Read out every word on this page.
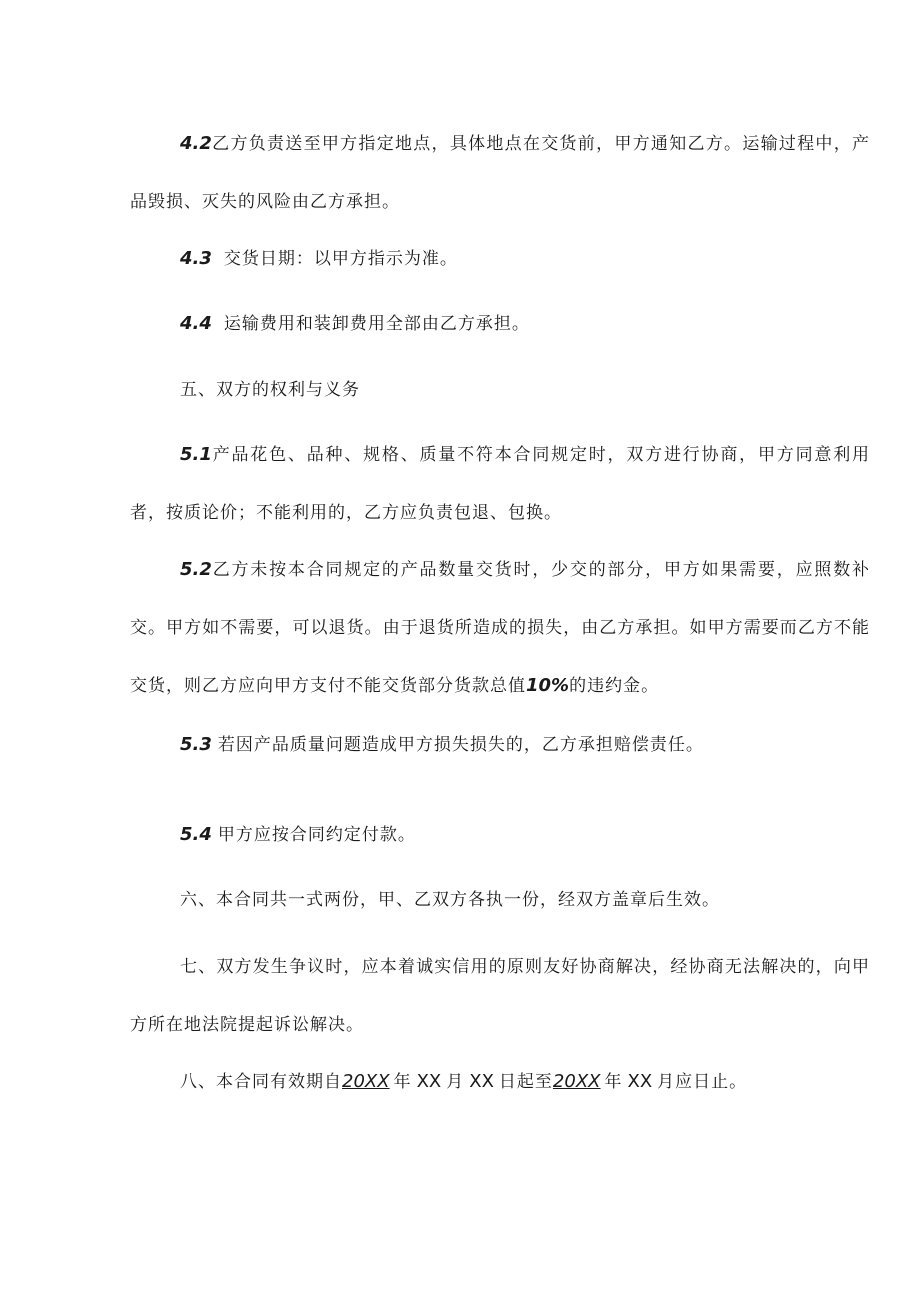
4.2乙方负责送至甲方指定地点，具体地点在交货前，甲方通知乙方。运输过程中，产品毁损、灭失的风险由乙方承担。

4.3 交货日期：以甲方指示为准。

4.4 运输费用和装卸费用全部由乙方承担。

五、双方的权利与义务

5.1产品花色、品种、规格、质量不符本合同规定时，双方进行协商，甲方同意利用者，按质论价；不能利用的，乙方应负责包退、包换。

5.2乙方未按本合同规定的产品数量交货时，少交的部分，甲方如果需要，应照数补交。甲方如不需要，可以退货。由于退货所造成的损失，由乙方承担。如甲方需要而乙方不能交货，则乙方应向甲方支付不能交货部分货款总值10%的违约金。

5.3 若因产品质量问题造成甲方损失损失的，乙方承担赔偿责任。

5.4 甲方应按合同约定付款。

六、本合同共一式两份，甲、乙双方各执一份，经双方盖章后生效。

七、双方发生争议时，应本着诚实信用的原则友好协商解决，经协商无法解决的，向甲方所在地法院提起诉讼解决。

八、本合同有效期自20XX 年 XX 月 XX 日起至20XX 年 XX 月应日止。
